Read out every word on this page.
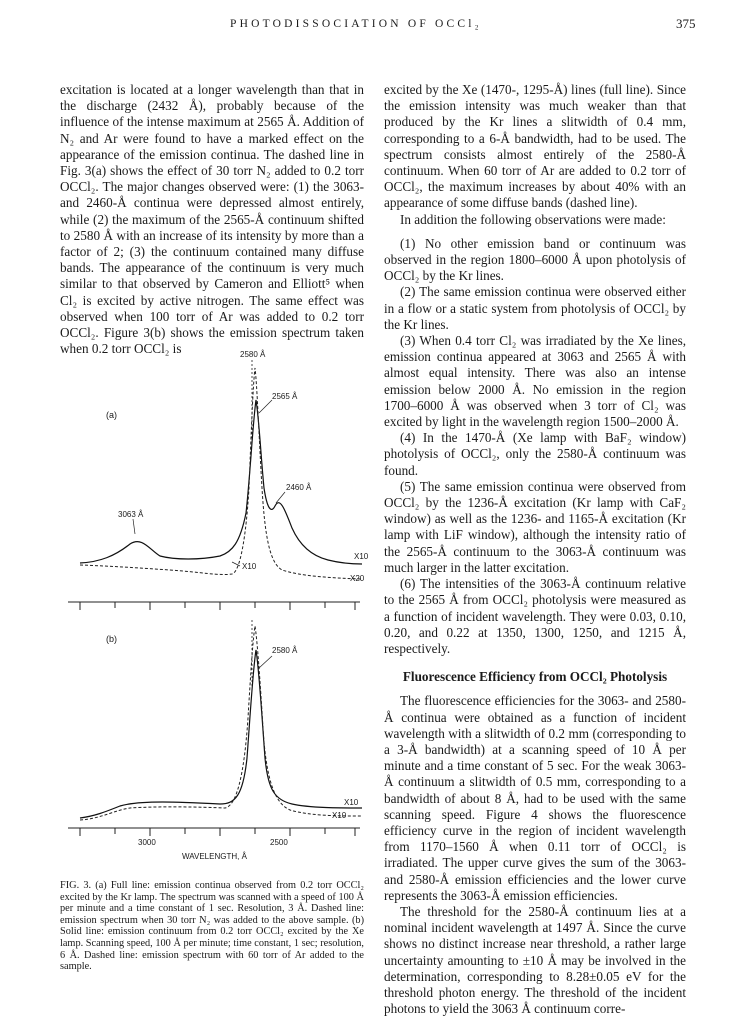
PHOTODISSOCIATION OF OCCl₂	375

excitation is located at a longer wavelength than that in the discharge (2432 Å), probably because of the influence of the intense maximum at 2565 Å. Addition of N₂ and Ar were found to have a marked effect on the appearance of the emission continua. The dashed line in Fig. 3(a) shows the effect of 30 torr N₂ added to 0.2 torr OCCl₂. The major changes observed were: (1) the 3063- and 2460-Å continua were depressed almost entirely, while (2) the maximum of the 2565-Å continuum shifted to 2580 Å with an increase of its intensity by more than a factor of 2; (3) the continuum contained many diffuse bands. The appearance of the continuum is very much similar to that observed by Cameron and Elliott⁵ when Cl₂ is excited by active nitrogen. The same effect was observed when 100 torr of Ar was added to 0.2 torr OCCl₂. Figure 3(b) shows the emission spectrum taken when 0.2 torr OCCl₂ is

(a)
2580 Å
2565 Å
2460 Å
3063 Å
X10
X10
X20
(b)
2580 Å
X10
X10
3000	2500
WAVELENGTH, Å
FIG. 3. (a) Full line: emission continua observed from 0.2 torr OCCl₂ excited by the Kr lamp. The spectrum was scanned with a speed of 100 Å per minute and a time constant of 1 sec. Resolution, 3 Å. Dashed line: emission spectrum when 30 torr N₂ was added to the above sample. (b) Solid line: emission continuum from 0.2 torr OCCl₂ excited by the Xe lamp. Scanning speed, 100 Å per minute; time constant, 1 sec; resolution, 6 Å. Dashed line: emission spectrum with 60 torr of Ar added to the sample.

excited by the Xe (1470-, 1295-Å) lines (full line). Since the emission intensity was much weaker than that produced by the Kr lines a slitwidth of 0.4 mm, corresponding to a 6-Å bandwidth, had to be used. The spectrum consists almost entirely of the 2580-Å continuum. When 60 torr of Ar are added to 0.2 torr of OCCl₂, the maximum increases by about 40% with an appearance of some diffuse bands (dashed line).

In addition the following observations were made:

(1) No other emission band or continuum was observed in the region 1800–6000 Å upon photolysis of OCCl₂ by the Kr lines.

(2) The same emission continua were observed either in a flow or a static system from photolysis of OCCl₂ by the Kr lines.

(3) When 0.4 torr Cl₂ was irradiated by the Xe lines, emission continua appeared at 3063 and 2565 Å with almost equal intensity. There was also an intense emission below 2000 Å. No emission in the region 1700–6000 Å was observed when 3 torr of Cl₂ was excited by light in the wavelength region 1500–2000 Å.

(4) In the 1470-Å (Xe lamp with BaF₂ window) photolysis of OCCl₂, only the 2580-Å continuum was found.

(5) The same emission continua were observed from OCCl₂ by the 1236-Å excitation (Kr lamp with CaF₂ window) as well as the 1236- and 1165-Å excitation (Kr lamp with LiF window), although the intensity ratio of the 2565-Å continuum to the 3063-Å continuum was much larger in the latter excitation.

(6) The intensities of the 3063-Å continuum relative to the 2565 Å from OCCl₂ photolysis were measured as a function of incident wavelength. They were 0.03, 0.10, 0.20, and 0.22 at 1350, 1300, 1250, and 1215 Å, respectively.

Fluorescence Efficiency from OCCl₂ Photolysis

The fluorescence efficiencies for the 3063- and 2580-Å continua were obtained as a function of incident wavelength with a slitwidth of 0.2 mm (corresponding to a 3-Å bandwidth) at a scanning speed of 10 Å per minute and a time constant of 5 sec. For the weak 3063-Å continuum a slitwidth of 0.5 mm, corresponding to a bandwidth of about 8 Å, had to be used with the same scanning speed. Figure 4 shows the fluorescence efficiency curve in the region of incident wavelength from 1170–1560 Å when 0.11 torr of OCCl₂ is irradiated. The upper curve gives the sum of the 3063- and 2580-Å emission efficiencies and the lower curve represents the 3063-Å emission efficiencies.

The threshold for the 2580-Å continuum lies at a nominal incident wavelength at 1497 Å. Since the curve shows no distinct increase near threshold, a rather large uncertainty amounting to ±10 Å may be involved in the determination, corresponding to 8.28±0.05 eV for the threshold photon energy. The threshold of the incident photons to yield the 3063 Å continuum corre-
